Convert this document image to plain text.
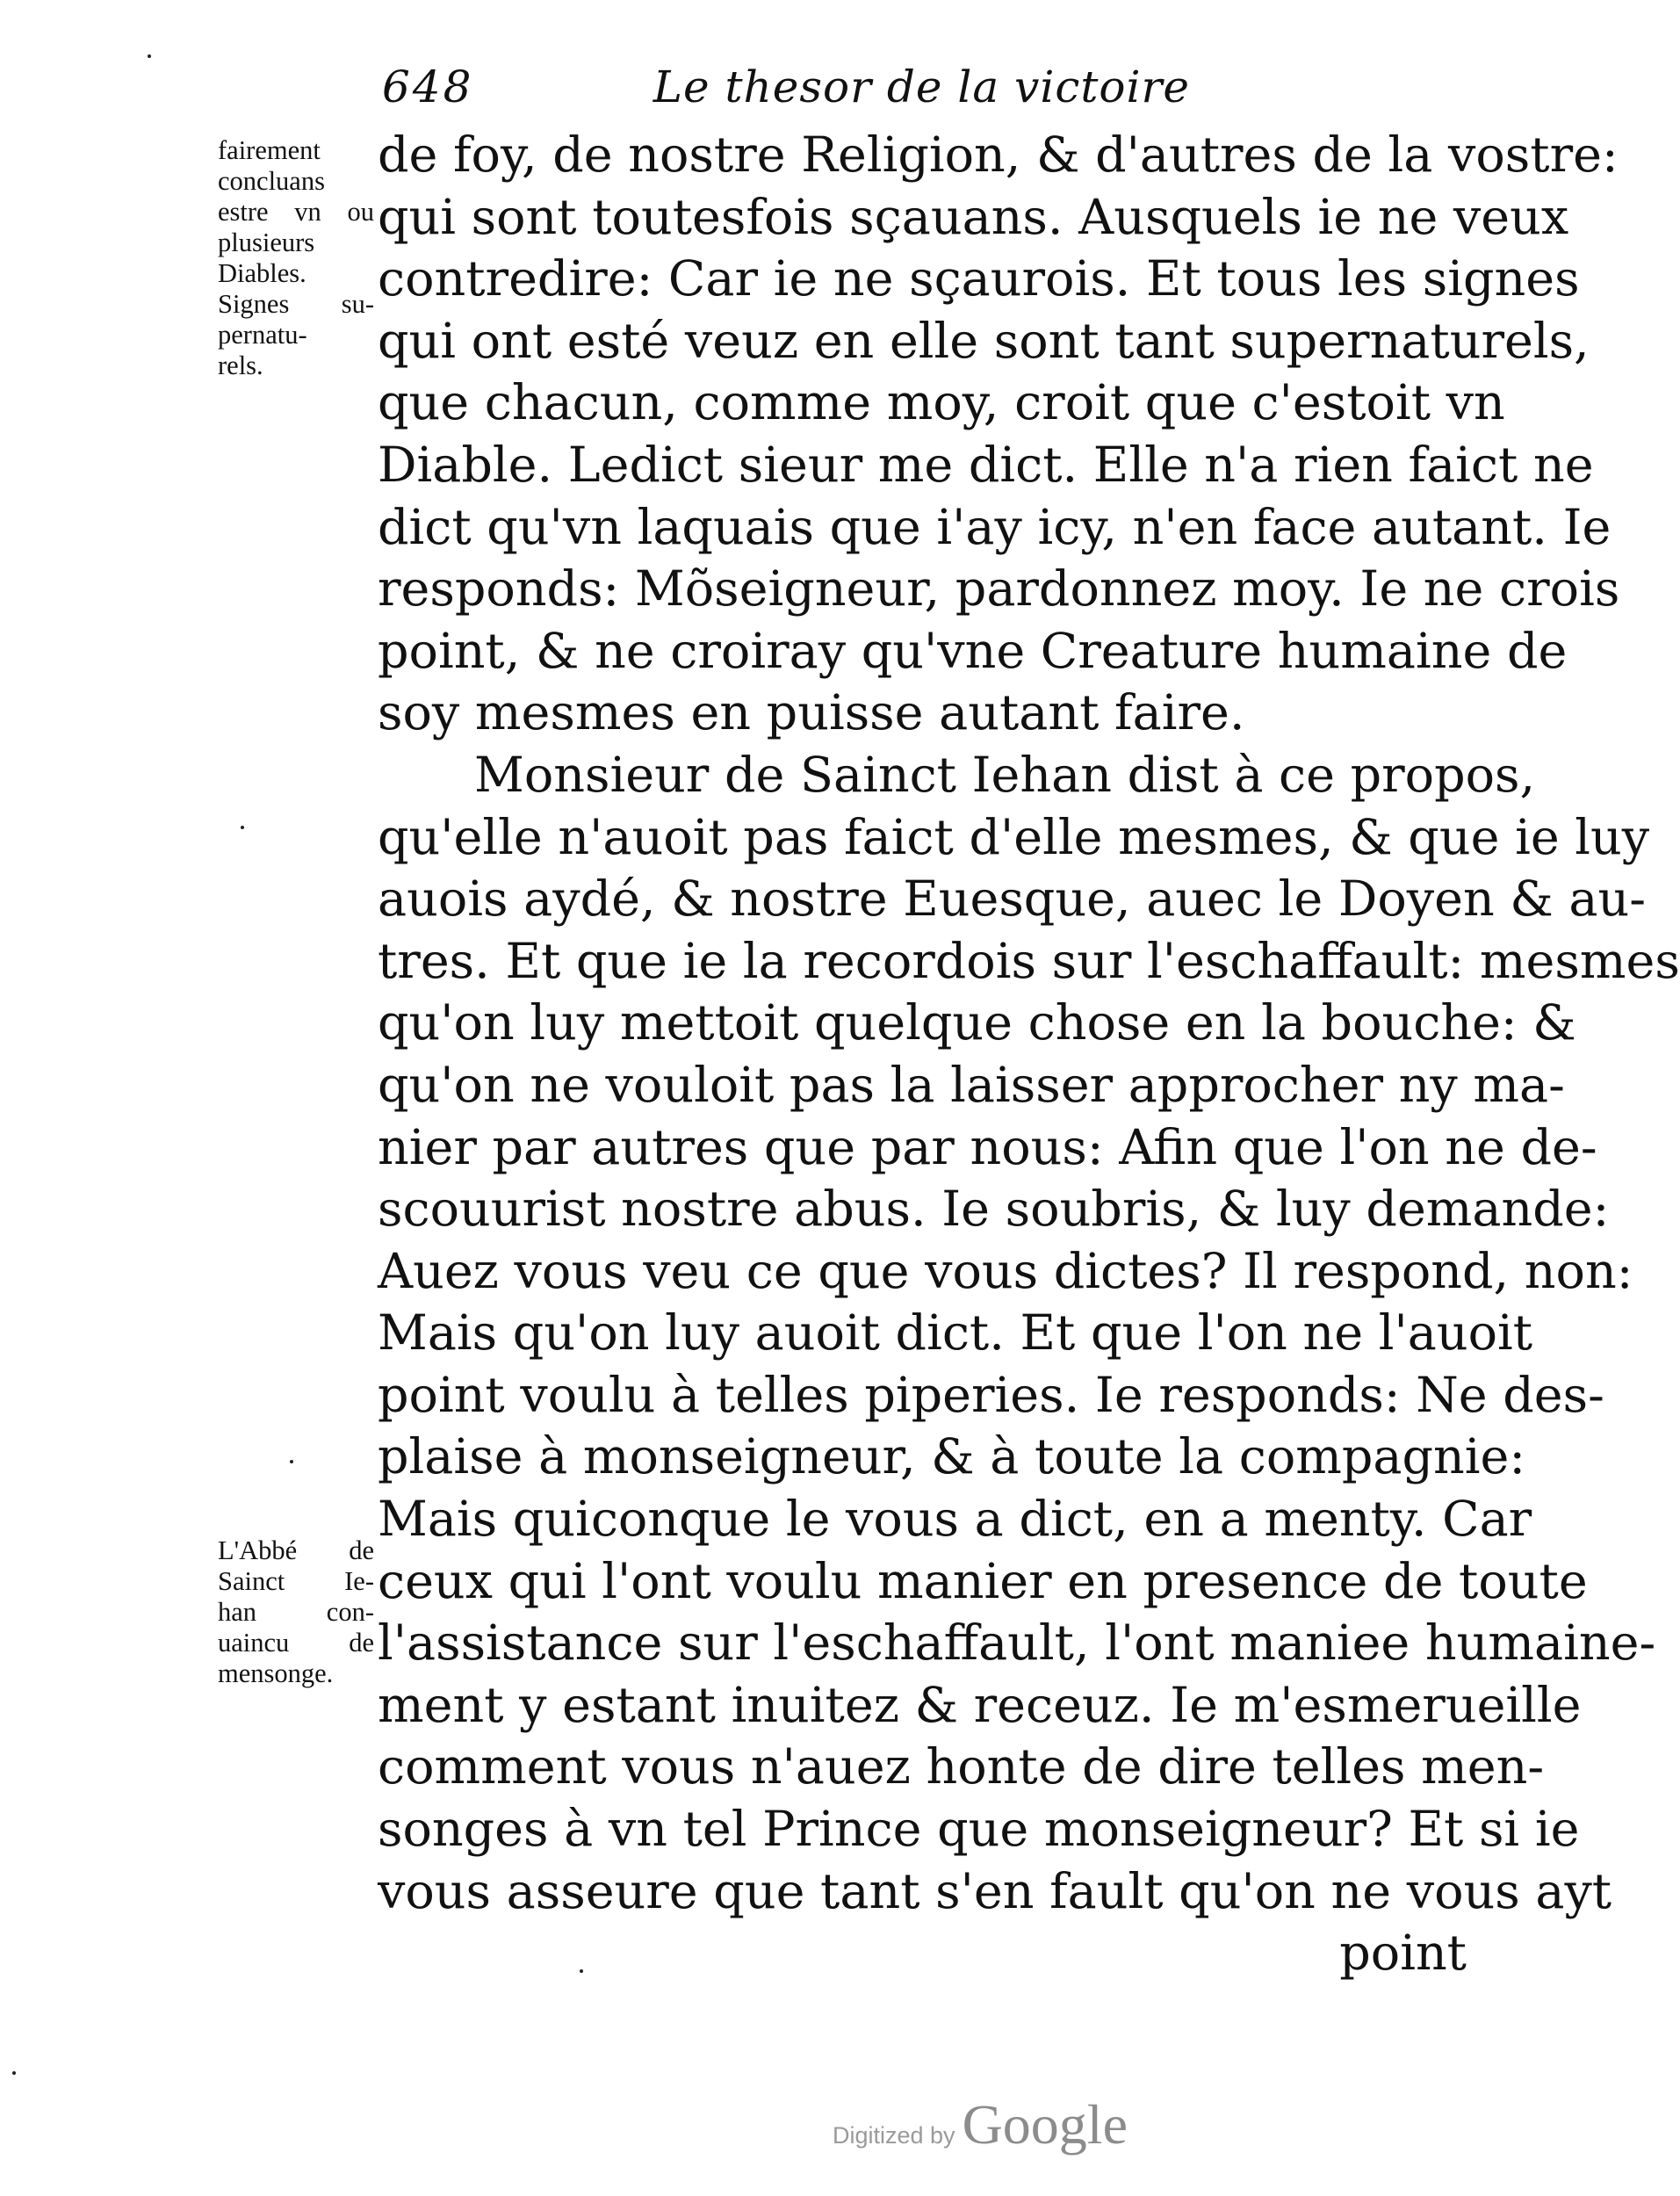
648	Le thesor de la victoire
fairement
concluans
estre vn ou
plusieurs
Diables.
Signes su-
pernatu-
rels.
L'Abbé de
Sainct Ie-
han con-
uaincu de
mensonge.
de foy, de nostre Religion, & d'autres de la vostre:
qui sont toutesfois sçauans. Ausquels ie ne veux
contredire: Car ie ne sçaurois. Et tous les signes
qui ont esté veuz en elle sont tant supernaturels,
que chacun, comme moy, croit que c'estoit vn
Diable. Ledict sieur me dict. Elle n'a rien faict ne
dict qu'vn laquais que i'ay icy, n'en face autant. Ie
responds: Mõseigneur, pardonnez moy. Ie ne crois
point, & ne croiray qu'vne Creature humaine de
soy mesmes en puisse autant faire.
Monsieur de Sainct Iehan dist à ce propos,
qu'elle n'auoit pas faict d'elle mesmes, & que ie luy
auois aydé, & nostre Euesque, auec le Doyen & au-
tres. Et que ie la recordois sur l'eschaffault: mesmes
qu'on luy mettoit quelque chose en la bouche: &
qu'on ne vouloit pas la laisser approcher ny ma-
nier par autres que par nous: Afin que l'on ne de-
scouurist nostre abus. Ie soubris, & luy demande:
Auez vous veu ce que vous dictes? Il respond, non:
Mais qu'on luy auoit dict. Et que l'on ne l'auoit
point voulu à telles piperies. Ie responds: Ne des-
plaise à monseigneur, & à toute la compagnie:
Mais quiconque le vous a dict, en a menty. Car
ceux qui l'ont voulu manier en presence de toute
l'assistance sur l'eschaffault, l'ont maniee humaine-
ment y estant inuitez & receuz. Ie m'esmerueille
comment vous n'auez honte de dire telles men-
songes à vn tel Prince que monseigneur? Et si ie
vous asseure que tant s'en fault qu'on ne vous ayt
point
Digitized by Google
